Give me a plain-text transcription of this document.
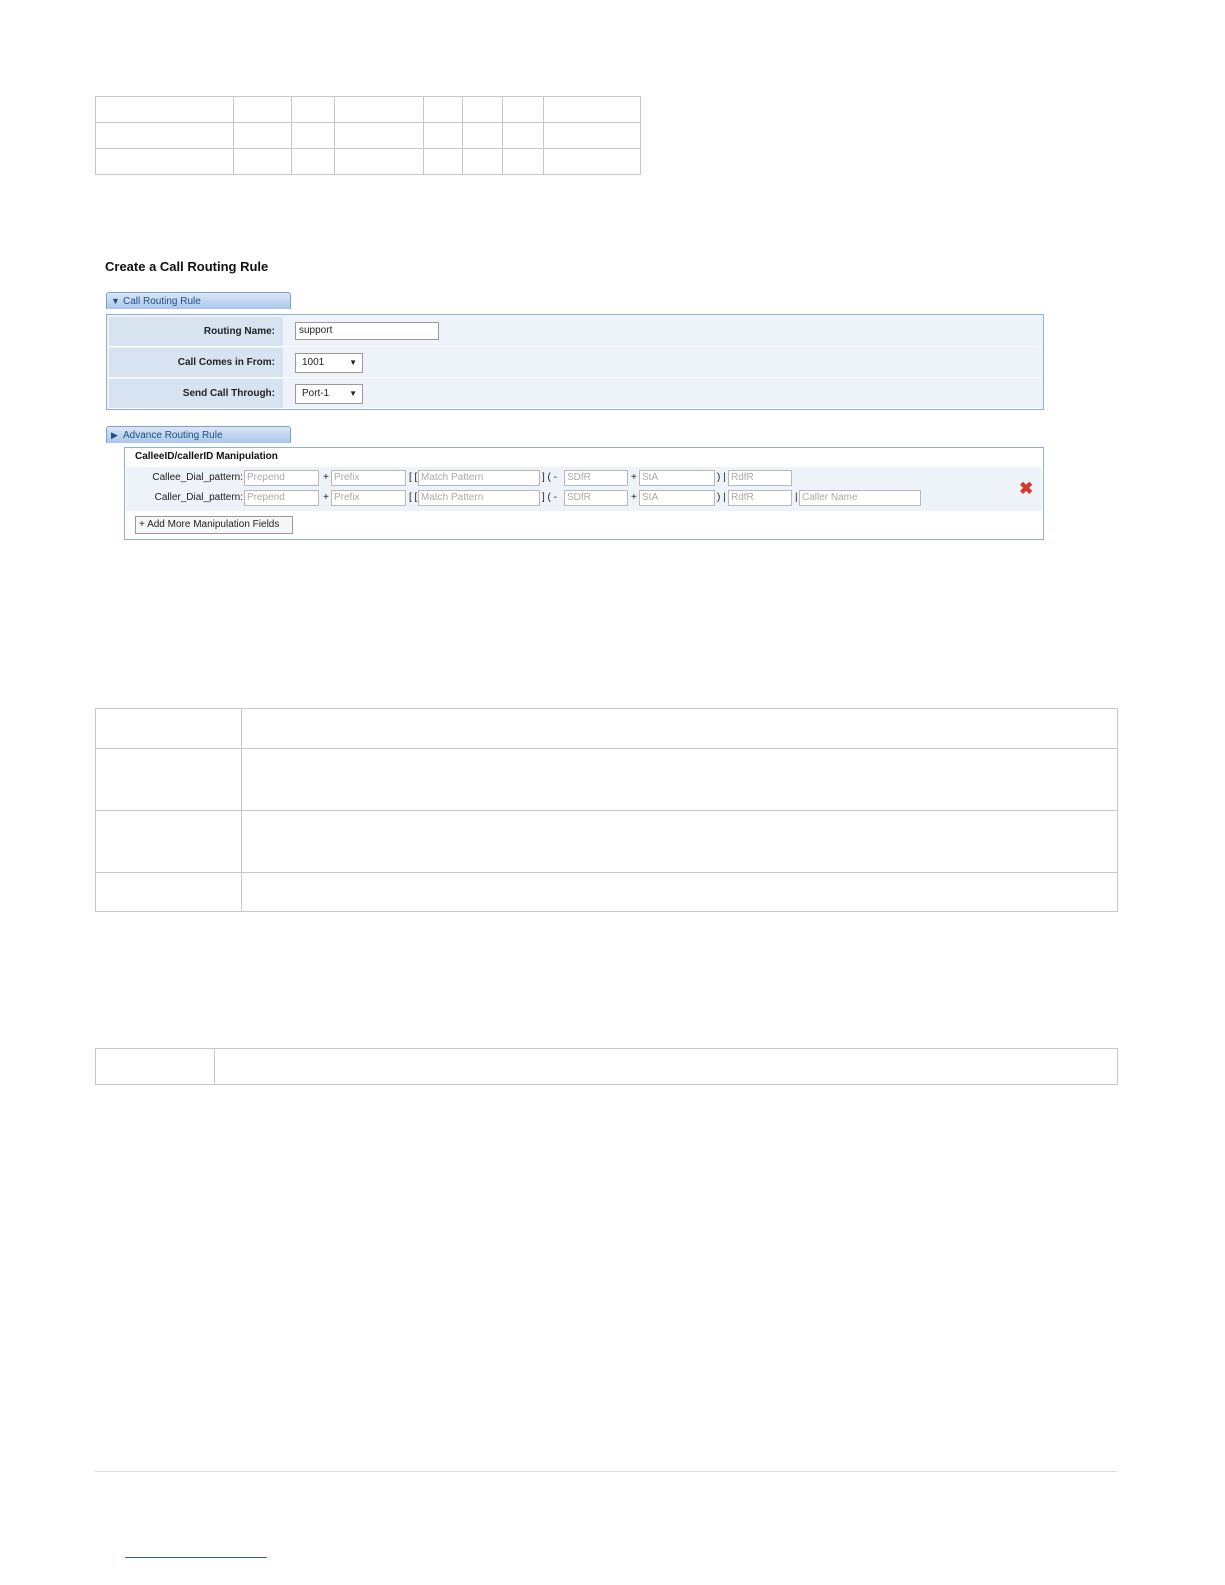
Create a Call Routing Rule
▼ Call Routing Rule
Routing Name:	support
Call Comes in From:	1001	▼
Send Call Through:	Port-1 ▼
▶ Advance Routing Rule
CalleeID/callerID Manipulation
Callee_Dial_pattern: Prepend	+ Prefix	[ [ Match Pattern	] ( -	SDfR	+ StA	) | RdfR
Caller_Dial_pattern: Prepend	+ Prefix	[ [ Match Pattern	] ( -	SDfR	+ StA	) | RdfR	| Caller Name	✖
+ Add More Manipulation Fields
